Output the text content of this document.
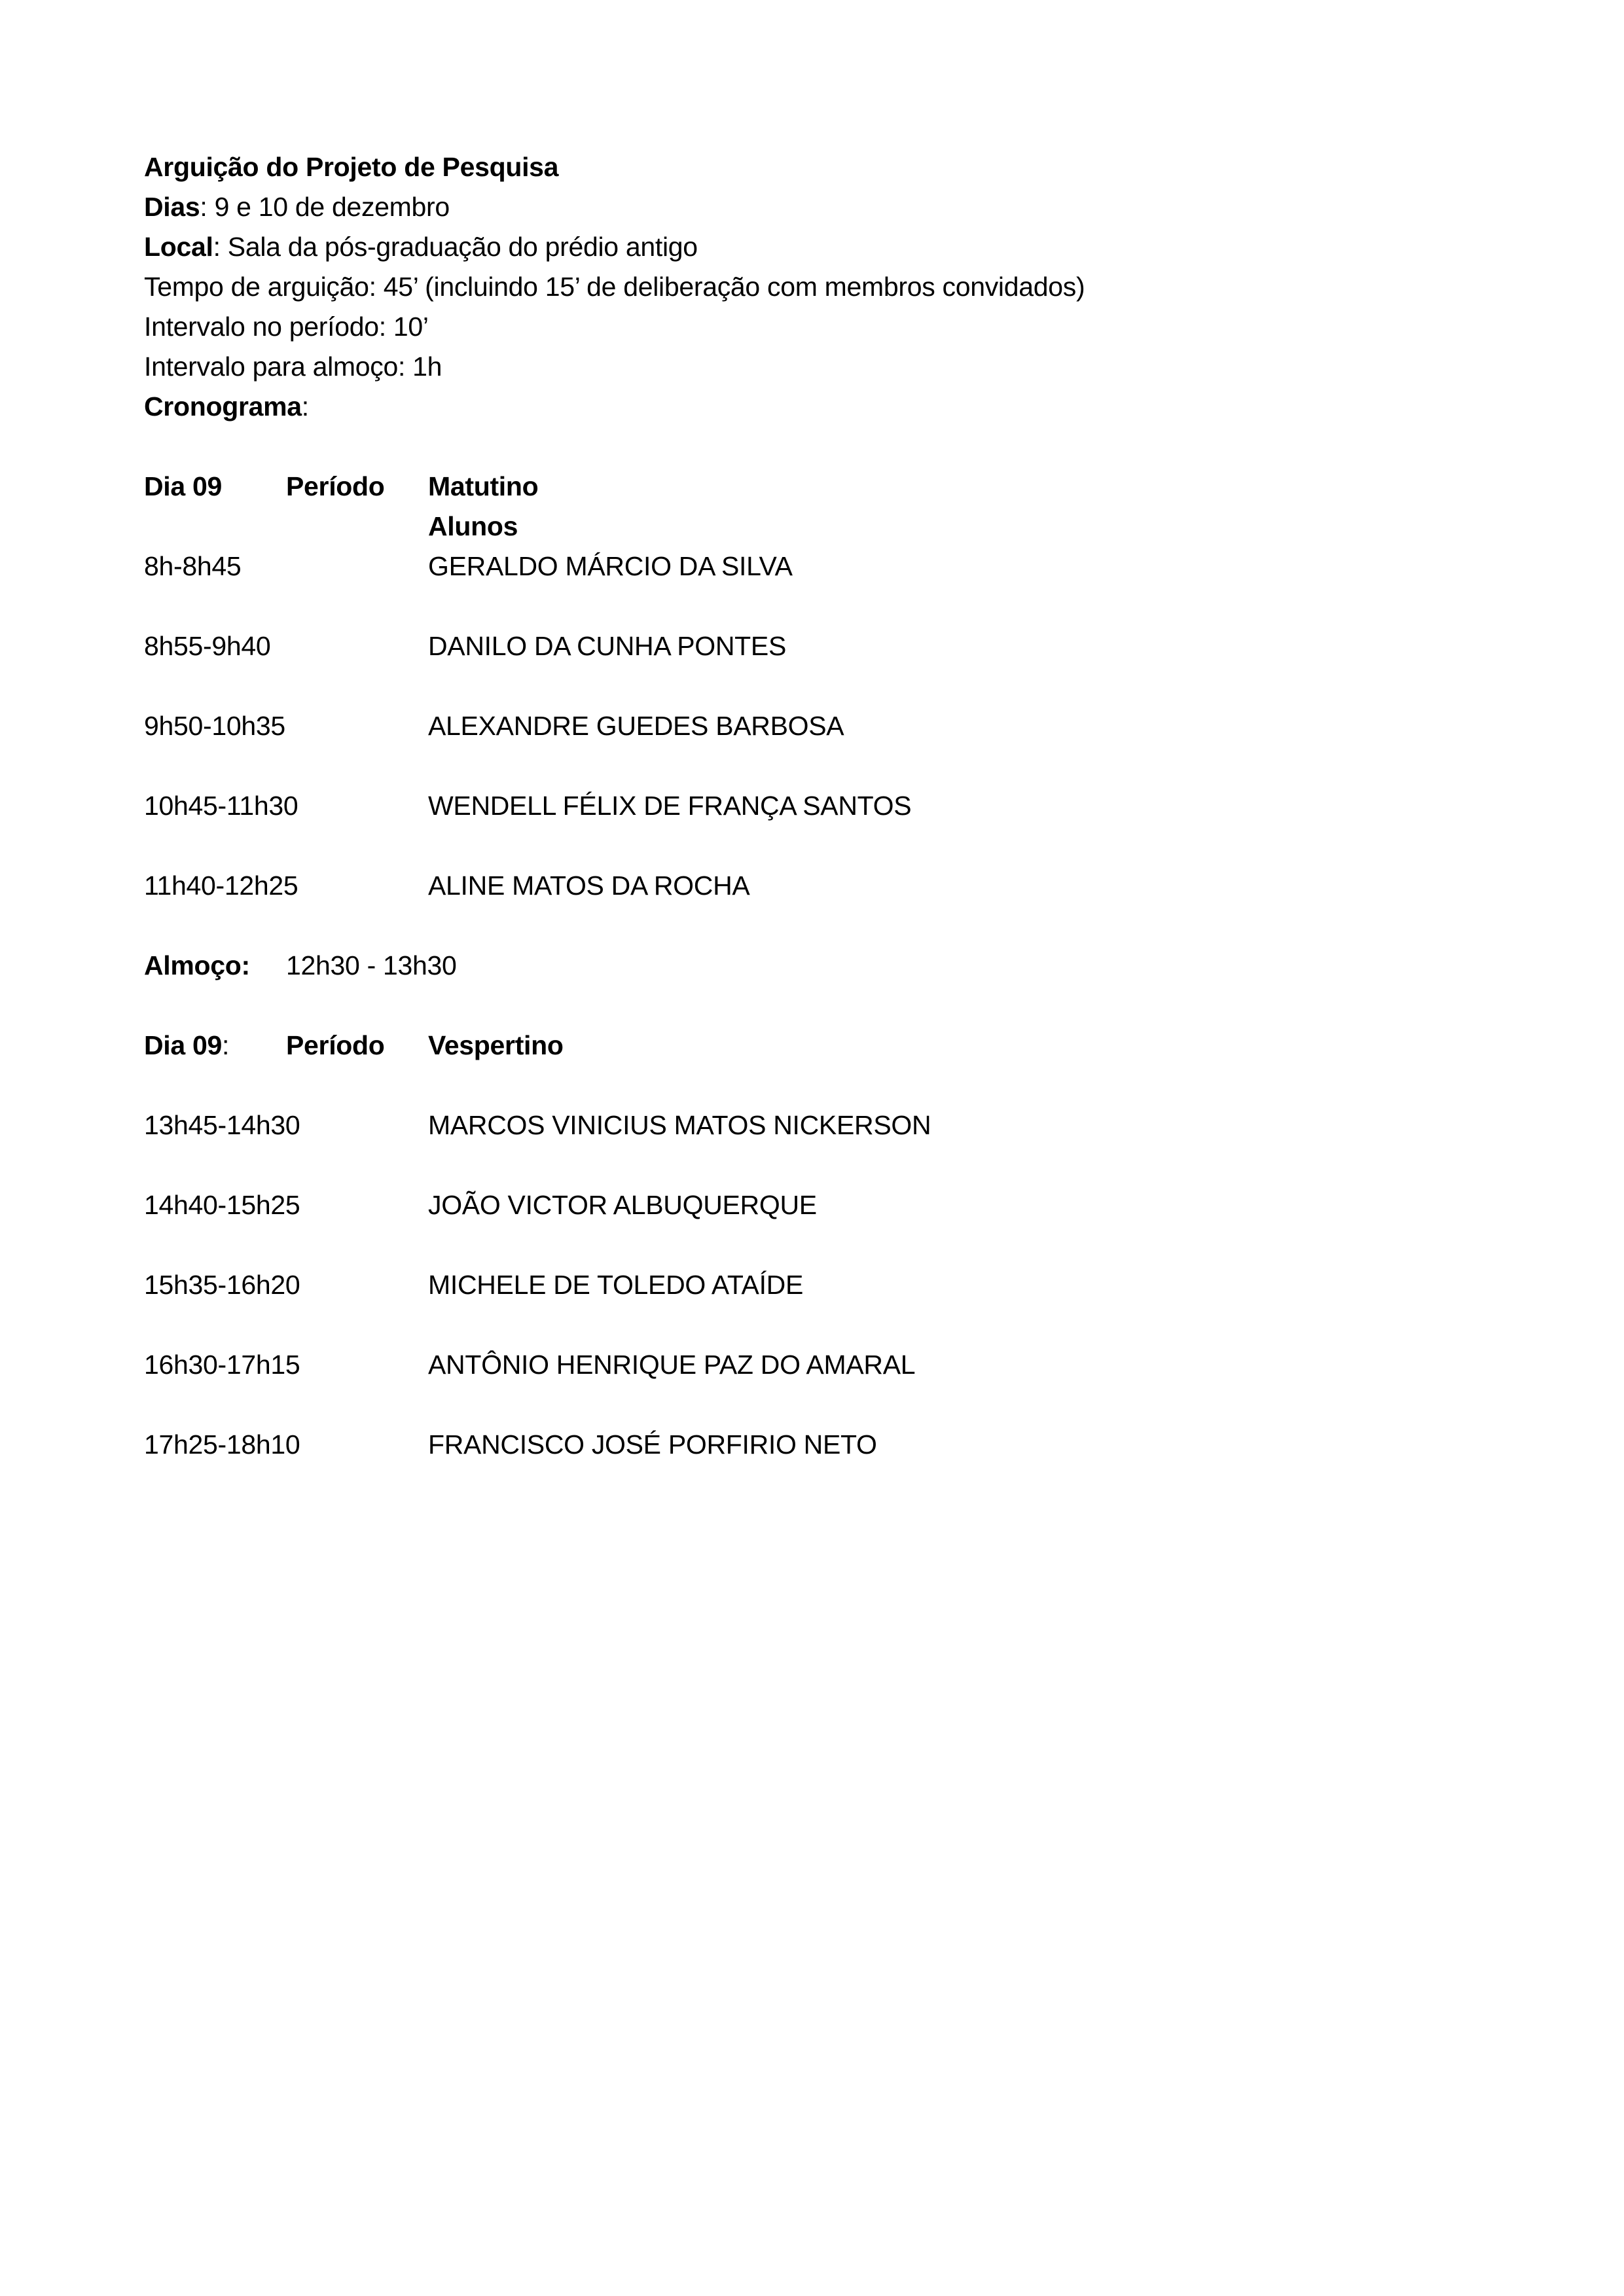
Arguição do Projeto de Pesquisa
Dias: 9 e 10 de dezembro
Local: Sala da pós-graduação do prédio antigo
Tempo de arguição: 45’ (incluindo 15’ de deliberação com membros convidados)
Intervalo no período: 10’
Intervalo para almoço: 1h
Cronograma:
Dia 09	Período	Matutino
Alunos
8h-8h45	GERALDO MÁRCIO DA SILVA
8h55-9h40	DANILO DA CUNHA PONTES
9h50-10h35	ALEXANDRE GUEDES BARBOSA
10h45-11h30	WENDELL FÉLIX DE FRANÇA SANTOS
11h40-12h25	ALINE MATOS DA ROCHA
Almoço:	12h30 - 13h30
Dia 09:	Período	Vespertino
13h45-14h30	MARCOS VINICIUS MATOS NICKERSON
14h40-15h25	JOÃO VICTOR ALBUQUERQUE
15h35-16h20	MICHELE DE TOLEDO ATAÍDE
16h30-17h15	ANTÔNIO HENRIQUE PAZ DO AMARAL
17h25-18h10	FRANCISCO JOSÉ PORFIRIO NETO
